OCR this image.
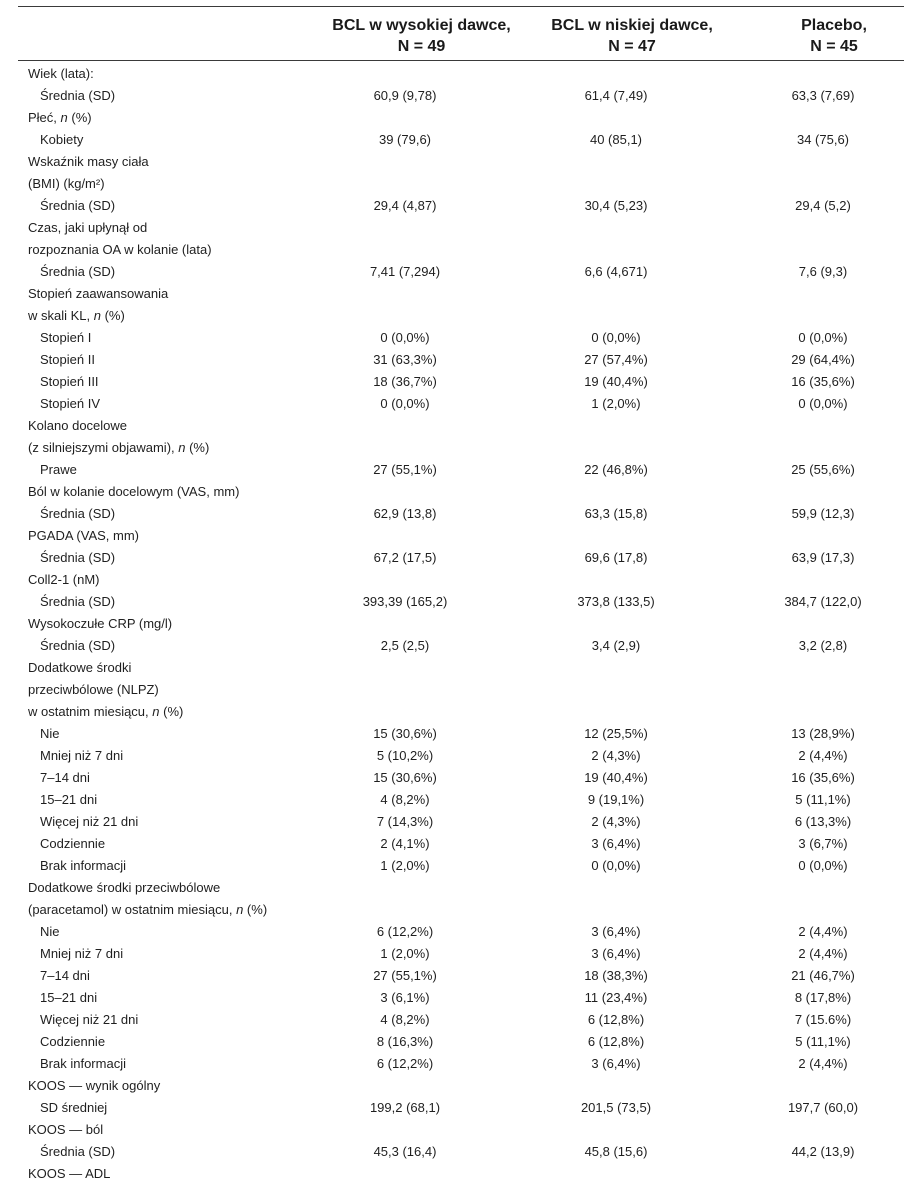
BCL w wysokiej dawce,
N = 49
BCL w niskiej dawce,
N = 47
Placebo,
N = 45
Wiek (lata):
Średnia (SD)	60,9 (9,78)	61,4 (7,49)	63,3 (7,69)
Płeć, n (%)
Kobiety	39 (79,6)	40 (85,1)	34 (75,6)
Wskaźnik masy ciała
(BMI) (kg/m²)
Średnia (SD)	29,4 (4,87)	30,4 (5,23)	29,4 (5,2)
Czas, jaki upłynął od
rozpoznania OA w kolanie (lata)
Średnia (SD)	7,41 (7,294)	6,6 (4,671)	7,6 (9,3)
Stopień zaawansowania
w skali KL, n (%)
Stopień I	0 (0,0%)	0 (0,0%)	0 (0,0%)
Stopień II	31 (63,3%)	27 (57,4%)	29 (64,4%)
Stopień III	18 (36,7%)	19 (40,4%)	16 (35,6%)
Stopień IV	0 (0,0%)	1 (2,0%)	0 (0,0%)
Kolano docelowe
(z silniejszymi objawami), n (%)
Prawe	27 (55,1%)	22 (46,8%)	25 (55,6%)
Ból w kolanie docelowym (VAS, mm)
Średnia (SD)	62,9 (13,8)	63,3 (15,8)	59,9 (12,3)
PGADA (VAS, mm)
Średnia (SD)	67,2 (17,5)	69,6 (17,8)	63,9 (17,3)
Coll2-1 (nM)
Średnia (SD)	393,39 (165,2)	373,8 (133,5)	384,7 (122,0)
Wysokoczułe CRP (mg/l)
Średnia (SD)	2,5 (2,5)	3,4 (2,9)	3,2 (2,8)
Dodatkowe środki
przeciwbólowe (NLPZ)
w ostatnim miesiącu, n (%)
Nie	15 (30,6%)	12 (25,5%)	13 (28,9%)
Mniej niż 7 dni	5 (10,2%)	2 (4,3%)	2 (4,4%)
7–14 dni	15 (30,6%)	19 (40,4%)	16 (35,6%)
15–21 dni	4 (8,2%)	9 (19,1%)	5 (11,1%)
Więcej niż 21 dni	7 (14,3%)	2 (4,3%)	6 (13,3%)
Codziennie	2 (4,1%)	3 (6,4%)	3 (6,7%)
Brak informacji	1 (2,0%)	0 (0,0%)	0 (0,0%)
Dodatkowe środki przeciwbólowe
(paracetamol) w ostatnim miesiącu, n (%)
Nie	6 (12,2%)	3 (6,4%)	2 (4,4%)
Mniej niż 7 dni	1 (2,0%)	3 (6,4%)	2 (4,4%)
7–14 dni	27 (55,1%)	18 (38,3%)	21 (46,7%)
15–21 dni	3 (6,1%)	11 (23,4%)	8 (17,8%)
Więcej niż 21 dni	4 (8,2%)	6 (12,8%)	7 (15.6%)
Codziennie	8 (16,3%)	6 (12,8%)	5 (11,1%)
Brak informacji	6 (12,2%)	3 (6,4%)	2 (4,4%)
KOOS — wynik ogólny
SD średniej	199,2 (68,1)	201,5 (73,5)	197,7 (60,0)
KOOS — ból
Średnia (SD)	45,3 (16,4)	45,8 (15,6)	44,2 (13,9)
KOOS — ADL
